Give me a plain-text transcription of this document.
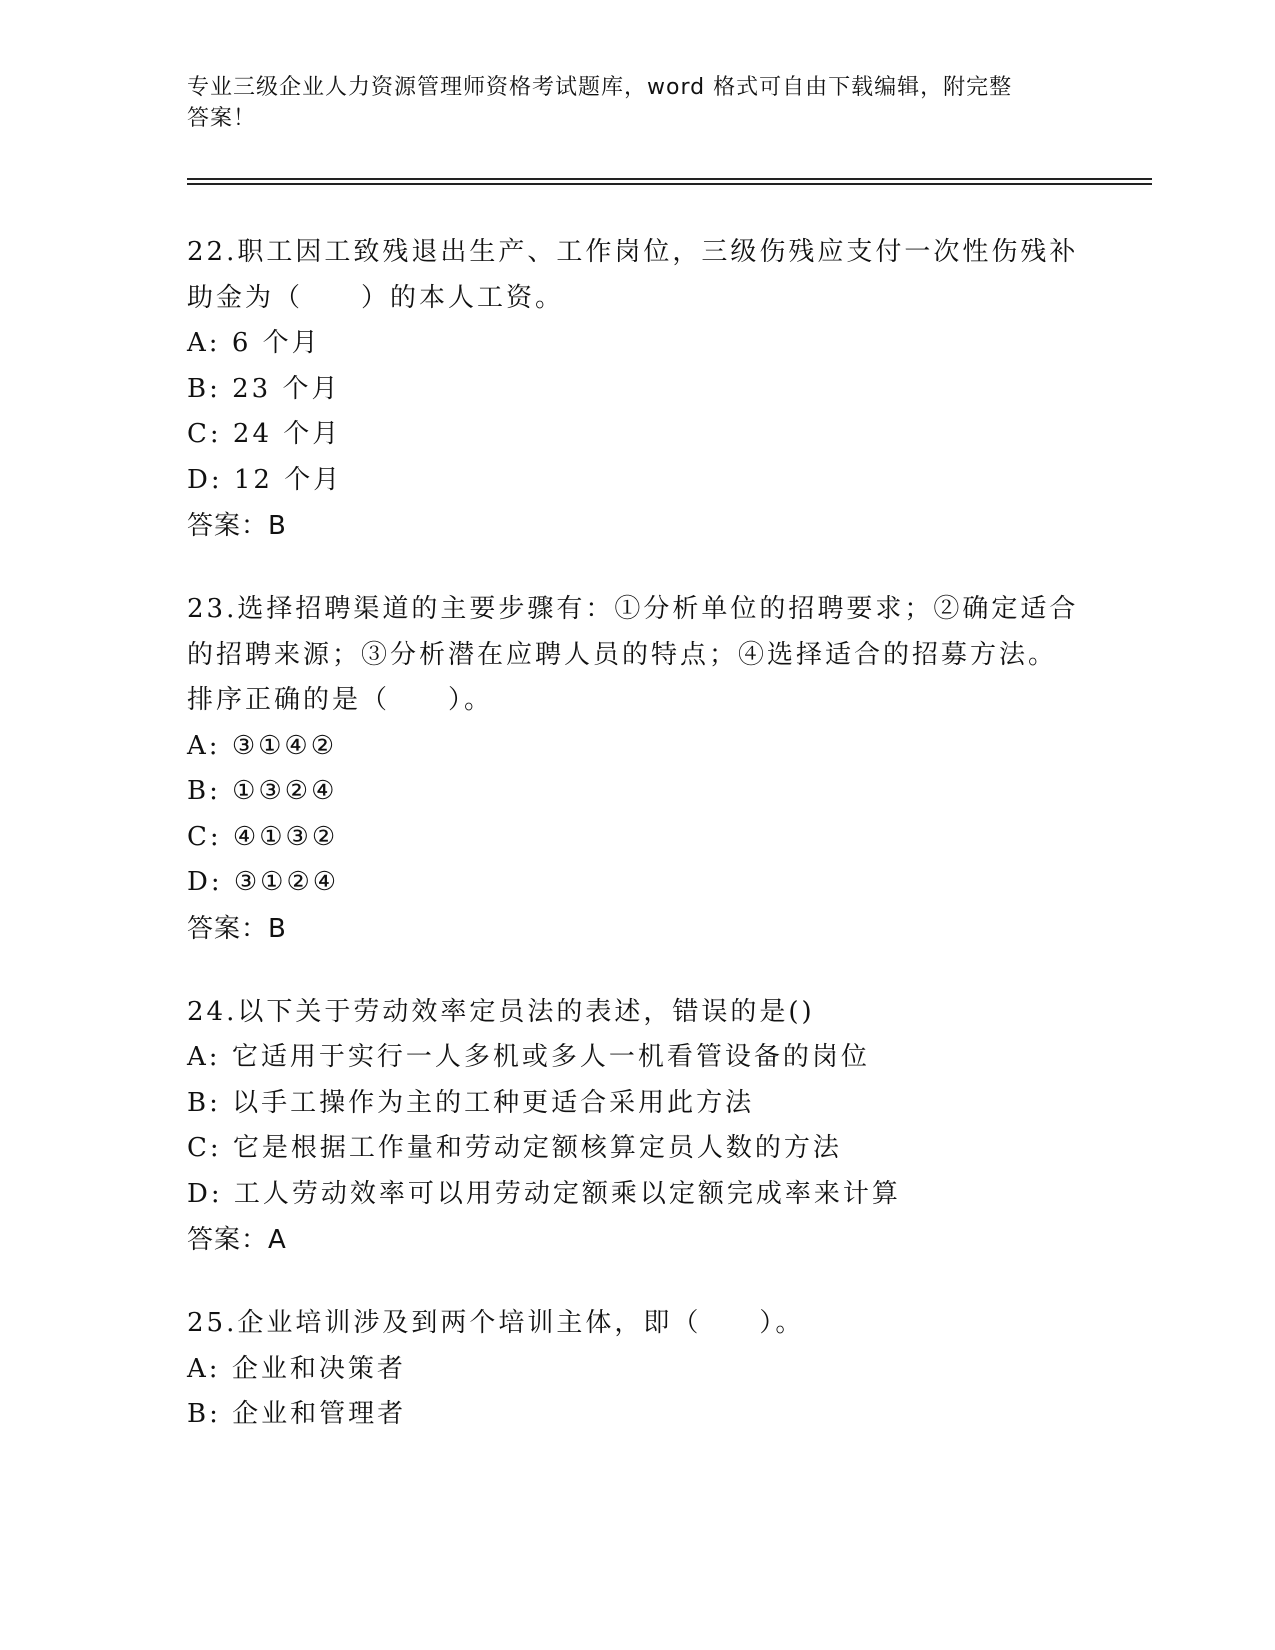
专业三级企业人力资源管理师资格考试题库，word 格式可自由下载编辑，附完整
答案！
22.职工因工致残退出生产、工作岗位，三级伤残应支付一次性伤残补
助金为（　　）的本人工资。
A: 6 个月
B: 23 个月
C: 24 个月
D: 12 个月
答案：B
23.选择招聘渠道的主要步骤有：①分析单位的招聘要求；②确定适合
的招聘来源；③分析潜在应聘人员的特点；④选择适合的招募方法。
排序正确的是（　　）。
A: ③①④②
B: ①③②④
C: ④①③②
D: ③①②④
答案：B
24.以下关于劳动效率定员法的表述，错误的是()
A: 它适用于实行一人多机或多人一机看管设备的岗位
B: 以手工操作为主的工种更适合采用此方法
C: 它是根据工作量和劳动定额核算定员人数的方法
D: 工人劳动效率可以用劳动定额乘以定额完成率来计算
答案：A
25.企业培训涉及到两个培训主体，即（　　）。
A: 企业和决策者
B: 企业和管理者
